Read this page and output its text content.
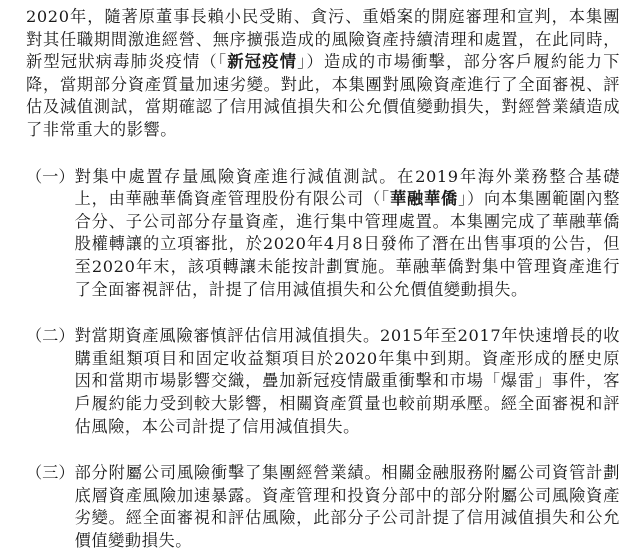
2020年，隨著原董事長賴小民受賄、貪污、重婚案的開庭審理和宣判，本集團對其任職期間激進經營、無序擴張造成的風險資產持續清理和處置，在此同時，新型冠狀病毒肺炎疫情（「新冠疫情」）造成的市場衝擊，部分客戶履約能力下降，當期部分資產質量加速劣變。對此，本集團對風險資產進行了全面審視、評估及減值測試，當期確認了信用減值損失和公允價值變動損失，對經營業績造成了非常重大的影響。

（一） 對集中處置存量風險資產進行減值測試。在2019年海外業務整合基礎上，由華融華僑資產管理股份有限公司（「華融華僑」）向本集團範圍內整合分、子公司部分存量資產，進行集中管理處置。本集團完成了華融華僑股權轉讓的立項審批，於2020年4月8日發佈了潛在出售事項的公告，但至2020年末，該項轉讓未能按計劃實施。華融華僑對集中管理資產進行了全面審視評估，計提了信用減值損失和公允價值變動損失。

（二） 對當期資產風險審慎評估信用減值損失。2015年至2017年快速增長的收購重組類項目和固定收益類項目於2020年集中到期。資產形成的歷史原因和當期市場影響交織，疊加新冠疫情嚴重衝擊和市場「爆雷」事件，客戶履約能力受到較大影響，相關資產質量也較前期承壓。經全面審視和評估風險，本公司計提了信用減值損失。

（三） 部分附屬公司風險衝擊了集團經營業績。相關金融服務附屬公司資管計劃底層資產風險加速暴露。資產管理和投資分部中的部分附屬公司風險資產劣變。經全面審視和評估風險，此部分子公司計提了信用減值損失和公允價值變動損失。
